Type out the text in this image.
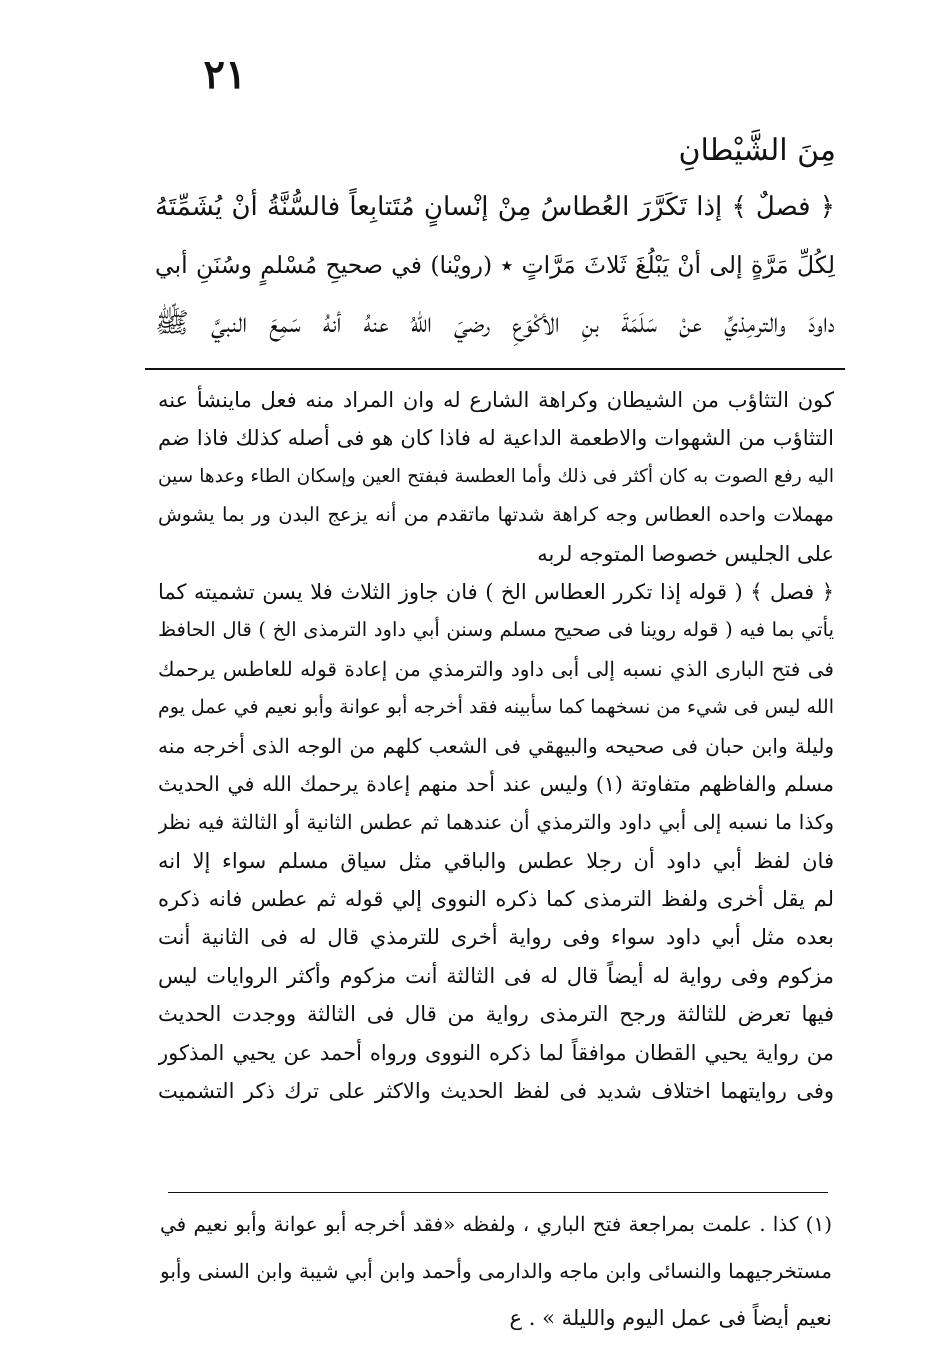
٢١
مِنَ الشَّيْطانِ
﴿ فصلٌ ﴾ إذا تَكَرَّرَ العُطاسُ مِنْ إنْسانٍ مُتَتابِعاً فالسُّنَّةُ أنْ يُشَمِّتَهُ
لِكُلِّ مَرَّةٍ إلى أنْ يَبْلُغَ ثَلاثَ مَرَّاتٍ ٭ (رويْنا) في صحيحِ مُسْلمٍ وسُنَنِ أبي
داودَ والترمِذيِّ عنْ سَلَمَةَ بنِ الأكْوَعِ رضيَ اللهُ عنهُ أنهُ سَمِعَ النبيَّ ﷺ
كون التثاؤب من الشيطان وكراهة الشارع له وان المراد منه فعل ماينشأ عنه
التثاؤب من الشهوات والاطعمة الداعية له فاذا كان هو فى أصله كذلك فاذا ضم
اليه رفع الصوت به كان أكثر فى ذلك وأما العطسة فبفتح العين وإسكان الطاء وعدها سين
مهملات واحده العطاس وجه كراهة شدتها ماتقدم من أنه يزعج البدن ور بما يشوش
على الجليس خصوصا المتوجه لربه
﴿ فصل ﴾ ( قوله إذا تكرر العطاس الخ ) فان جاوز الثلاث فلا يسن تشميته كما
يأتي بما فيه ( قوله روينا فى صحيح مسلم وسنن أبي داود الترمذى الخ ) قال الحافظ
فى فتح البارى الذي نسبه إلى أبى داود والترمذي من إعادة قوله للعاطس يرحمك
الله ليس فى شيء من نسخهما كما سأبينه فقد أخرجه أبو عوانة وأبو نعيم في عمل يوم
وليلة وابن حبان فى صحيحه والبيهقي فى الشعب كلهم من الوجه الذى أخرجه منه
مسلم والفاظهم متفاوتة (١) وليس عند أحد منهم إعادة يرحمك الله في الحديث
وكذا ما نسبه إلى أبي داود والترمذي أن عندهما ثم عطس الثانية أو الثالثة فيه نظر
فان لفظ أبي داود أن رجلا عطس والباقي مثل سياق مسلم سواء إلا انه
لم يقل أخرى ولفظ الترمذى كما ذكره النووى إلي قوله ثم عطس فانه ذكره
بعده مثل أبي داود سواء وفى رواية أخرى للترمذي قال له فى الثانية أنت
مزكوم وفى رواية له أيضاً قال له فى الثالثة أنت مزكوم وأكثر الروايات ليس
فيها تعرض للثالثة ورجح الترمذى رواية من قال فى الثالثة ووجدت الحديث
من رواية يحيي القطان موافقاً لما ذكره النووى ورواه أحمد عن يحيي المذكور
وفى روايتهما اختلاف شديد فى لفظ الحديث والاكثر على ترك ذكر التشميت
(١) كذا . علمت بمراجعة فتح الباري ، ولفظه «فقد أخرجه أبو عوانة وأبو نعيم في
مستخرجيهما والنسائى وابن ماجه والدارمى وأحمد وابن أبي شيبة وابن السنى وأبو
نعيم أيضاً فى عمل اليوم والليلة » . ع
